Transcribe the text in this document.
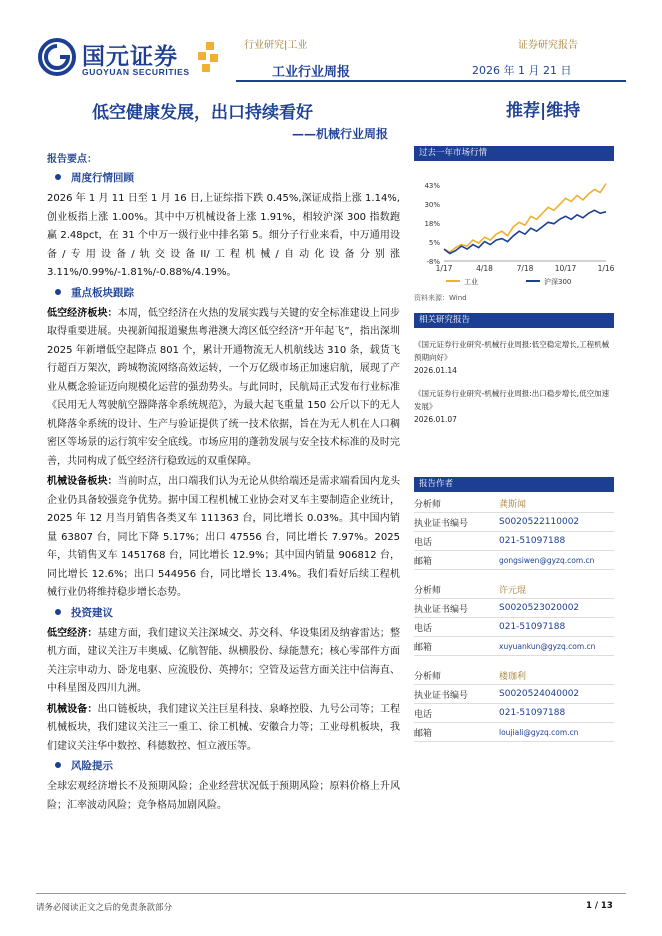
国元证券
GUOYUAN SECURITIES
行业研究|工业	证券研究报告
工业行业周报	2026 年 1 月 21 日
低空健康发展，出口持续看好	推荐|维持
——机械行业周报
报告要点：
周度行情回顾
2026 年 1 月 11 日至 1 月 16 日,上证综指下跌 0.45%,深证成指上涨 1.14%,创业板指上涨 1.00%。其中中万机械设备上涨 1.91%，相较沪深 300 指数跑赢 2.48pct，在 31 个中万一级行业中排名第 5。细分子行业来看，中万通用设备/专用设备/轨交设备II/工程机械/自动化设备分别涨 3.11%/0.99%/-1.81%/-0.88%/4.19%。
重点板块跟踪
低空经济板块：本周，低空经济在火热的发展实践与关键的安全标准建设上同步取得重要进展。央视新闻报道聚焦粤港澳大湾区低空经济“开年起飞”，指出深圳 2025 年新增低空起降点 801 个，累计开通物流无人机航线达 310 条，载货飞行超百万架次，跨城物流网络高效运转，一个万亿级市场正加速启航，展现了产业从概念验证迈向规模化运营的强劲势头。与此同时，民航局正式发布行业标准《民用无人驾驶航空器降落伞系统规范》，为最大起飞重量 150 公斤以下的无人机降落伞系统的设计、生产与验证提供了统一技术依据，旨在为无人机在人口稠密区等场景的运行筑牢安全底线。市场应用的蓬勃发展与安全技术标准的及时完善，共同构成了低空经济行稳致远的双重保障。
机械设备板块：当前时点，出口端我们认为无论从供给端还是需求端看国内龙头企业仍具备较强竞争优势。据中国工程机械工业协会对叉车主要制造企业统计，2025 年 12 月当月销售各类叉车 111363 台，同比增长 0.03%。其中国内销量 63807 台，同比下降 5.17%；出口 47556 台，同比增长 7.97%。2025 年，共销售叉车 1451768 台，同比增长 12.9%；其中国内销量 906812 台，同比增长 12.6%；出口 544956 台，同比增长 13.4%。我们看好后续工程机械行业仍将维持稳步增长态势。
投资建议
低空经济：基建方面，我们建议关注深城交、苏交科、华设集团及纳睿雷达；整机方面，建议关注万丰奥威、亿航智能、纵横股份、绿能慧充；核心零部件方面关注宗申动力、卧龙电驱、应流股份、英搏尔；空管及运营方面关注中信海直、中科星图及四川九洲。
机械设备：出口链板块，我们建议关注巨星科技、泉峰控股、九号公司等；工程机械板块，我们建议关注三一重工、徐工机械、安徽合力等；工业母机板块，我们建议关注华中数控、科德数控、恒立液压等。
风险提示
全球宏观经济增长不及预期风险；企业经营状况低于预期风险；原料价格上升风险；汇率波动风险；竞争格局加剧风险。
过去一年市场行情
43%
30%
18%
5%
-8%
1/17	4/18	7/18	10/17	1/16
工业	沪深300
资料来源：Wind
相关研究报告
《国元证券行业研究-机械行业周报:低空稳定增长,工程机械预期向好》
2026.01.14
《国元证券行业研究-机械行业周报:出口稳步增长,低空加速发展》
2026.01.07
报告作者
分析师	龚斯闻
执业证书编号	S0020522110002
电话	021-51097188
邮箱	gongsiwen@gyzq.com.cn
分析师	许元琨
执业证书编号	S0020523020002
电话	021-51097188
邮箱	xuyuankun@gyzq.com.cn
分析师	楼珈利
执业证书编号	S0020524040002
电话	021-51097188
邮箱	loujiali@gyzq.com.cn
请务必阅读正文之后的免责条款部分	1 / 13
